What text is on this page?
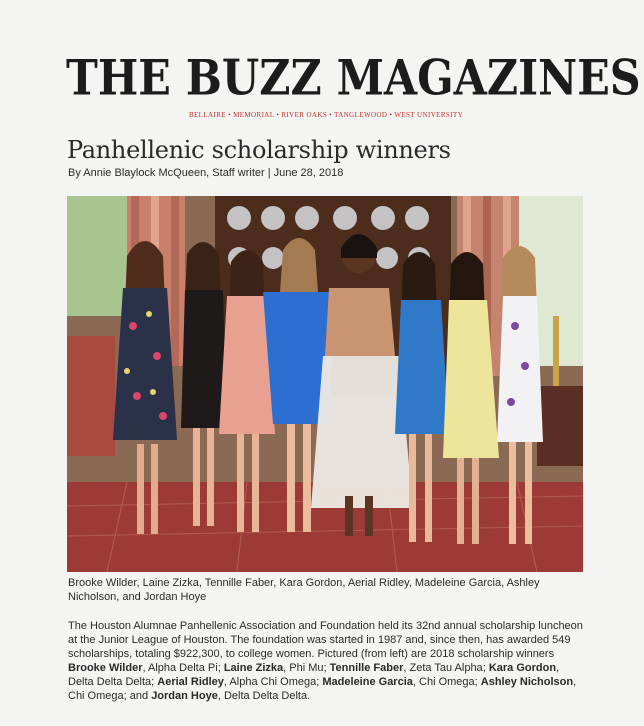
THE BUZZ MAGAZINES
BELLAIRE • MEMORIAL • RIVER OAKS • TANGLEWOOD • WEST UNIVERSITY
Panhellenic scholarship winners
By Annie Blaylock McQueen, Staff writer | June 28, 2018
Brooke Wilder, Laine Zizka, Tennille Faber, Kara Gordon, Aerial Ridley, Madeleine Garcia, Ashley Nicholson, and Jordan Hoye
The Houston Alumnae Panhellenic Association and Foundation held its 32nd annual scholarship luncheon at the Junior League of Houston. The foundation was started in 1987 and, since then, has awarded 549 scholarships, totaling $922,300, to college women. Pictured (from left) are 2018 scholarship winners Brooke Wilder, Alpha Delta Pi; Laine Zizka, Phi Mu; Tennille Faber, Zeta Tau Alpha; Kara Gordon, Delta Delta Delta; Aerial Ridley, Alpha Chi Omega; Madeleine Garcia, Chi Omega; Ashley Nicholson, Chi Omega; and Jordan Hoye, Delta Delta Delta.
